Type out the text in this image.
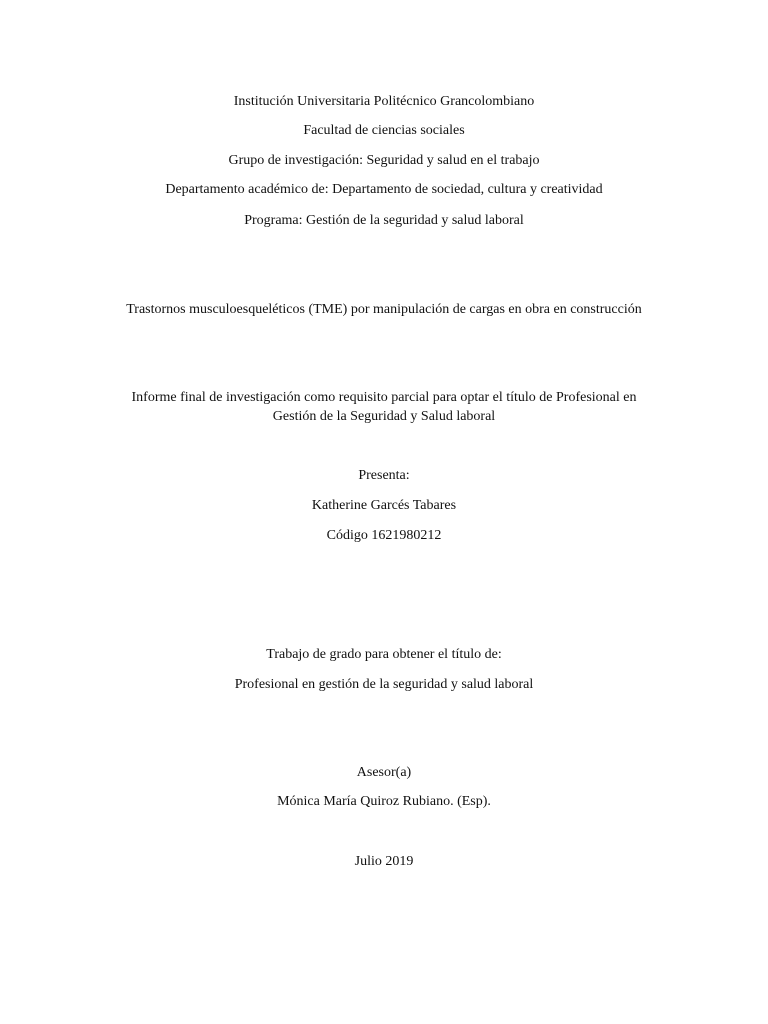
Institución Universitaria Politécnico Grancolombiano
Facultad de ciencias sociales
Grupo de investigación: Seguridad y salud en el trabajo
Departamento académico de: Departamento de sociedad, cultura y creatividad
Programa: Gestión de la seguridad y salud laboral
Trastornos musculoesqueléticos (TME) por manipulación de cargas en obra en construcción
Informe final de investigación como requisito parcial para optar el título de Profesional en
Gestión de la Seguridad y Salud laboral
Presenta:
Katherine Garcés Tabares
Código 1621980212
Trabajo de grado para obtener el título de:
Profesional en gestión de la seguridad y salud laboral
Asesor(a)
Mónica María Quiroz Rubiano. (Esp).
Julio 2019
